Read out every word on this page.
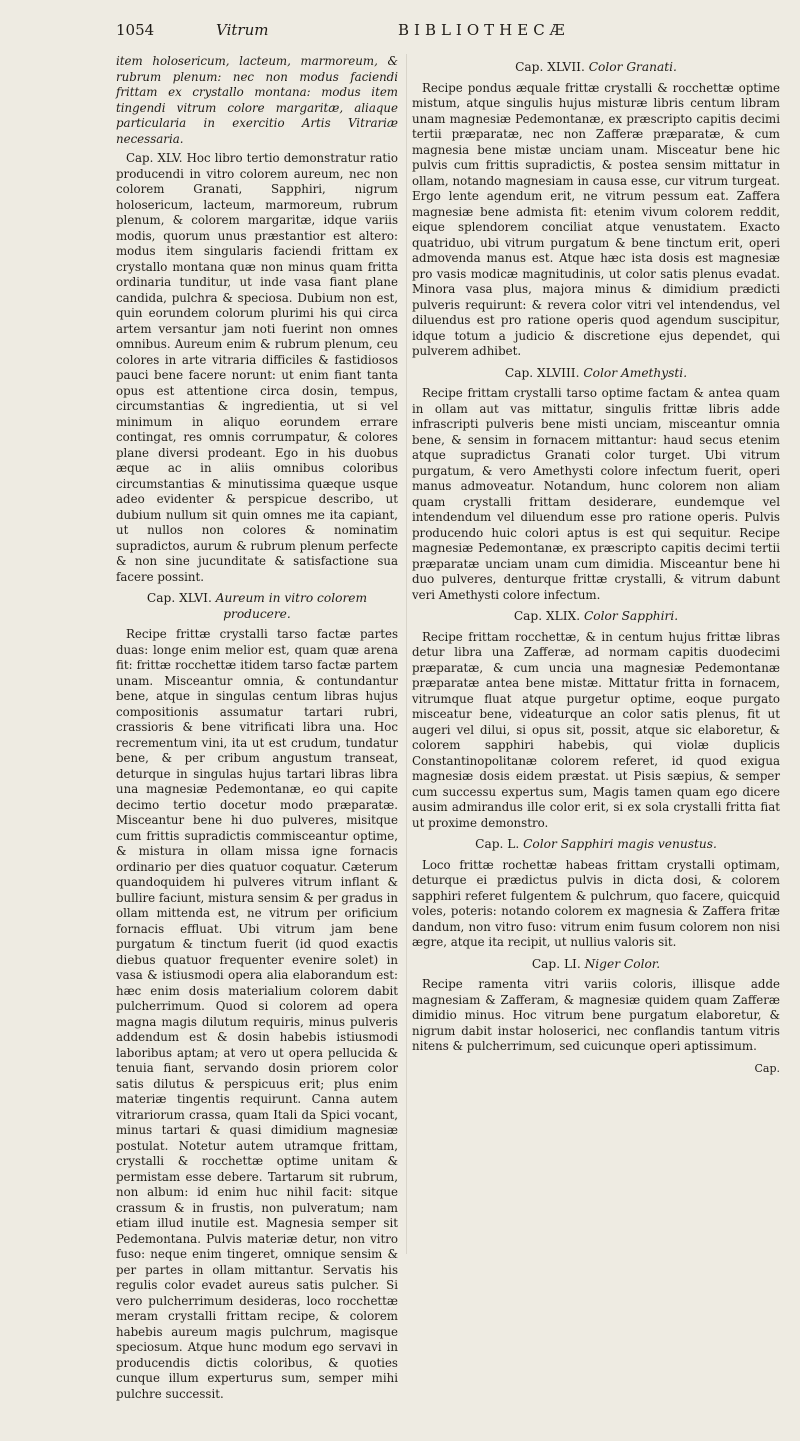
1054	Vitrum	BIBLIOTHECÆ

item holosericum, lacteum, marmoreum, & rubrum plenum: nec non modus faciendi frittam ex crystallo montana: modus item tingendi vitrum colore margaritæ, aliaque particularia in exercitio Artis Vitrariæ necessaria.

Cap. XLV. Hoc libro tertio demonstratur ratio producendi in vitro colorem aureum, nec non colorem Granati, Sapphiri, nigrum holosericum, lacteum, marmoreum, rubrum plenum, & colorem margaritæ, idque variis modis, quorum unus præstantior est altero: modus item singularis faciendi frittam ex crystallo montana quæ non minus quam fritta ordinaria tunditur, ut inde vasa fiant plane candida, pulchra & speciosa. Dubium non est, quin eorundem colorum plurimi his qui circa artem versantur jam noti fuerint non omnes omnibus. Aureum enim & rubrum plenum, ceu colores in arte vitraria difficiles & fastidiosos pauci bene facere norunt: ut enim fiant tanta opus est attentione circa dosin, tempus, circumstantias & ingredientia, ut si vel minimum in aliquo eorundem errare contingat, res omnis corrumpatur, & colores plane diversi prodeant. Ego in his duobus æque ac in aliis omnibus coloribus circumstantias & minutissima quæque usque adeo evidenter & perspicue describo, ut dubium nullum sit quin omnes me ita capiant, ut nullos non colores & nominatim supradictos, aurum & rubrum plenum perfecte & non sine jucunditate & satisfactione sua facere possint.

Cap. XLVI. Aureum in vitro colorem producere.

Recipe frittæ crystalli tarso factæ partes duas: longe enim melior est, quam quæ arena fit: frittæ rocchettæ itidem tarso factæ partem unam. Misceantur omnia, & contundantur bene, atque in singulas centum libras hujus compositionis assumatur tartari rubri, crassioris & bene vitrificati libra una. Hoc recrementum vini, ita ut est crudum, tundatur bene, & per cribum angustum transeat, deturque in singulas hujus tartari libras libra una magnesiæ Pedemontanæ, eo qui capite decimo tertio docetur modo præparatæ. Misceantur bene hi duo pulveres, misitque cum frittis supradictis commisceantur optime, & mistura in ollam missa igne fornacis ordinario per dies quatuor coquatur. Cæterum quandoquidem hi pulveres vitrum inflant & bullire faciunt, mistura sensim & per gradus in ollam mittenda est, ne vitrum per orificium fornacis effluat. Ubi vitrum jam bene purgatum & tinctum fuerit (id quod exactis diebus quatuor frequenter evenire solet) in vasa & istiusmodi opera alia elaborandum est: hæc enim dosis materialium colorem dabit pulcherrimum. Quod si colorem ad opera magna magis dilutum requiris, minus pulveris addendum est & dosin habebis istiusmodi laboribus aptam; at vero ut opera pellucida & tenuia fiant, servando dosin priorem color satis dilutus & perspicuus erit; plus enim materiæ tingentis requirunt. Canna autem vitrariorum crassa, quam Itali da Spici vocant, minus tartari & quasi dimidium magnesiæ postulat. Notetur autem utramque frittam, crystalli & rocchettæ optime unitam & permistam esse debere. Tartarum sit rubrum, non album: id enim huc nihil facit: sitque crassum & in frustis, non pulveratum; nam etiam illud inutile est. Magnesia semper sit Pedemontana. Pulvis materiæ detur, non vitro fuso: neque enim tingeret, omnique sensim & per partes in ollam mittantur. Servatis his regulis color evadet aureus satis pulcher. Si vero pulcherrimum desideras, loco rocchettæ meram crystalli frittam recipe, & colorem habebis aureum magis pulchrum, magisque speciosum. Atque hunc modum ego servavi in producendis dictis coloribus, & quoties cunque illum experturus sum, semper mihi pulchre successit.

Cap. XLVII. Color Granati.

Recipe pondus æquale frittæ crystalli & rocchettæ optime mistum, atque singulis hujus misturæ libris centum libram unam magnesiæ Pedemontanæ, ex præscripto capitis decimi tertii præparatæ, nec non Zafferæ præparatæ, & cum magnesia bene mistæ unciam unam. Misceatur bene hic pulvis cum frittis supradictis, & postea sensim mittatur in ollam, notando magnesiam in causa esse, cur vitrum turgeat. Ergo lente agendum erit, ne vitrum pessum eat. Zaffera magnesiæ bene admista fit: etenim vivum colorem reddit, eique splendorem conciliat atque venustatem. Exacto quatriduo, ubi vitrum purgatum & bene tinctum erit, operi admovenda manus est. Atque hæc ista dosis est magnesiæ pro vasis modicæ magnitudinis, ut color satis plenus evadat. Minora vasa plus, majora minus & dimidium prædicti pulveris requirunt: & revera color vitri vel intendendus, vel diluendus est pro ratione operis quod agendum suscipitur, idque totum a judicio & discretione ejus dependet, qui pulverem adhibet.

Cap. XLVIII. Color Amethysti.

Recipe frittam crystalli tarso optime factam & antea quam in ollam aut vas mittatur, singulis frittæ libris adde infrascripti pulveris bene misti unciam, misceantur omnia bene, & sensim in fornacem mittantur: haud secus etenim atque supradictus Granati color turget. Ubi vitrum purgatum, & vero Amethysti colore infectum fuerit, operi manus admoveatur. Notandum, hunc colorem non aliam quam crystalli frittam desiderare, eundemque vel intendendum vel diluendum esse pro ratione operis. Pulvis producendo huic colori aptus is est qui sequitur. Recipe magnesiæ Pedemontanæ, ex præscripto capitis decimi tertii præparatæ unciam unam cum dimidia. Misceantur bene hi duo pulveres, denturque frittæ crystalli, & vitrum dabunt veri Amethysti colore infectum.

Cap. XLIX. Color Sapphiri.

Recipe frittam rocchettæ, & in centum hujus frittæ libras detur libra una Zafferæ, ad normam capitis duodecimi præparatæ, & cum uncia una magnesiæ Pedemontanæ præparatæ antea bene mistæ. Mittatur fritta in fornacem, vitrumque fluat atque purgetur optime, eoque purgato misceatur bene, videaturque an color satis plenus, fit ut augeri vel dilui, si opus sit, possit, atque sic elaboretur, & colorem sapphiri habebis, qui violæ duplicis Constantinopolitanæ colorem referet, id quod exigua magnesiæ dosis eidem præstat. ut Pisis sæpius, & semper cum successu expertus sum, Magis tamen quam ego dicere ausim admirandus ille color erit, si ex sola crystalli fritta fiat ut proxime demonstro.

Cap. L. Color Sapphiri magis venustus.

Loco frittæ rochettæ habeas frittam crystalli optimam, deturque ei prædictus pulvis in dicta dosi, & colorem sapphiri referet fulgentem & pulchrum, quo facere, quicquid voles, poteris: notando colorem ex magnesia & Zaffera fritæ dandum, non vitro fuso: vitrum enim fusum colorem non nisi ægre, atque ita recipit, ut nullius valoris sit.

Cap. LI. Niger Color.

Recipe ramenta vitri variis coloris, illisque adde magnesiam & Zafferam, & magnesiæ quidem quam Zafferæ dimidio minus. Hoc vitrum bene purgatum elaboretur, & nigrum dabit instar holoserici, nec conflandis tantum vitris nitens & pulcherrimum, sed cuicunque operi aptissimum.

Cap.
